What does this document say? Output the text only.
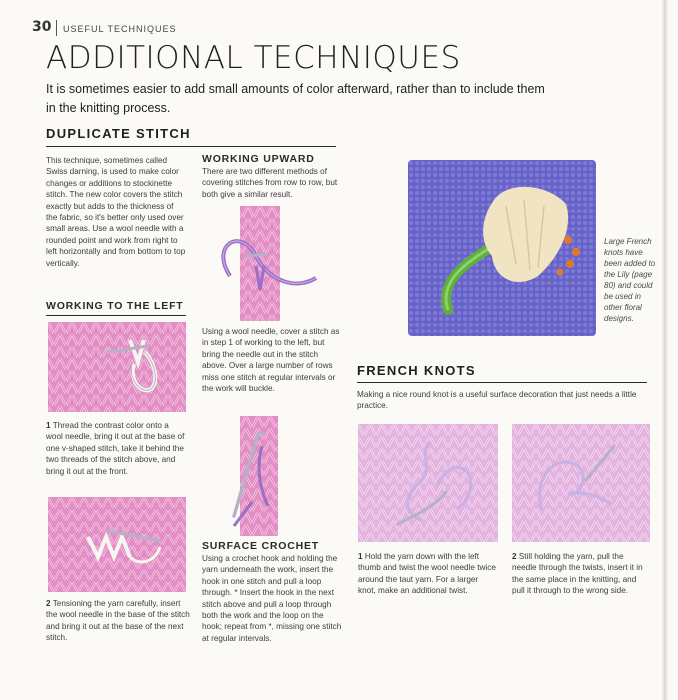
30 USEFUL TECHNIQUES
ADDITIONAL TECHNIQUES
It is sometimes easier to add small amounts of color afterward, rather than to include them in the knitting process.
DUPLICATE STITCH
This technique, sometimes called Swiss darning, is used to make color changes or additions to stockinette stitch. The new color covers the stitch exactly but adds to the thickness of the fabric, so it's better only used over small areas. Use a wool needle with a rounded point and work from right to left horizontally and from bottom to top vertically.
WORKING TO THE LEFT
1 Thread the contrast color onto a wool needle, bring it out at the base of one v-shaped stitch, take it behind the two threads of the stitch above, and bring it out at the front.
2 Tensioning the yarn carefully, insert the wool needle in the base of the stitch and bring it out at the base of the next stitch.
WORKING UPWARD
There are two different methods of covering stitches from row to row, but both give a similar result.
Using a wool needle, cover a stitch as in step 1 of working to the left, but bring the needle out in the stitch above. Over a large number of rows miss one stitch at regular intervals or the work will buckle.
SURFACE CROCHET
Using a crochet hook and holding the yarn underneath the work, insert the hook in one stitch and pull a loop through. * Insert the hook in the next stitch above and pull a loop through both the work and the loop on the hook; repeat from *, missing one stitch at regular intervals.
Large French knots have been added to the Lily (page 80) and could be used in other floral designs.
FRENCH KNOTS
Making a nice round knot is a useful surface decoration that just needs a little practice.
1 Hold the yarn down with the left thumb and twist the wool needle twice around the taut yarn. For a larger knot, make an additional twist.
2 Still holding the yarn, pull the needle through the twists, insert it in the same place in the knitting, and pull it through to the wrong side.
